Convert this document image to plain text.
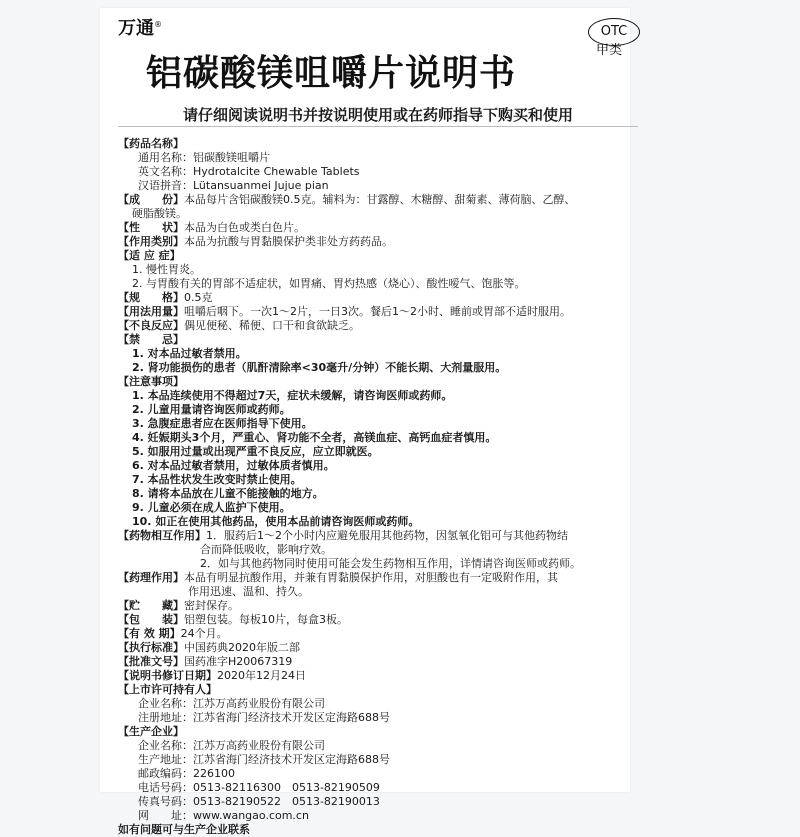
万通®
铝碳酸镁咀嚼片说明书
OTC
甲类
请仔细阅读说明书并按说明使用或在药师指导下购买和使用
【药品名称】
通用名称： 铝碳酸镁咀嚼片
英文名称： Hydrotalcite Chewable Tablets
汉语拼音： Lütansuanmei Jujue pian
【成　　份】 本品每片含铝碳酸镁0.5克。辅料为：甘露醇、木糖醇、甜菊素、薄荷脑、乙醇、
硬脂酸镁。
【性　　状】 本品为白色或类白色片。
【作用类别】 本品为抗酸与胃黏膜保护类非处方药药品。
【适 应 症】
1. 慢性胃炎。
2. 与胃酸有关的胃部不适症状，如胃痛、胃灼热感（烧心）、酸性嗳气、饱胀等。
【规　　格】 0.5克
【用法用量】 咀嚼后咽下。一次1～2片，一日3次。餐后1～2小时、睡前或胃部不适时服用。
【不良反应】 偶见便秘、稀便、口干和食欲缺乏。
【禁　　忌】
1. 对本品过敏者禁用。
2. 肾功能损伤的患者（肌酐清除率<30毫升/分钟）不能长期、大剂量服用。
【注意事项】
1. 本品连续使用不得超过7天，症状未缓解，请咨询医师或药师。
2. 儿童用量请咨询医师或药师。
3. 急腹症患者应在医师指导下使用。
4. 妊娠期头3个月，严重心、肾功能不全者，高镁血症、高钙血症者慎用。
5. 如服用过量或出现严重不良反应，应立即就医。
6. 对本品过敏者禁用，过敏体质者慎用。
7. 本品性状发生改变时禁止使用。
8. 请将本品放在儿童不能接触的地方。
9. 儿童必须在成人监护下使用。
10. 如正在使用其他药品，使用本品前请咨询医师或药师。
【药物相互作用】 1．服药后1～2个小时内应避免服用其他药物，因氢氧化铝可与其他药物结
合而降低吸收，影响疗效。
2．如与其他药物同时使用可能会发生药物相互作用，详情请咨询医师或药师。
【药理作用】 本品有明显抗酸作用，并兼有胃黏膜保护作用，对胆酸也有一定吸附作用，其
作用迅速、温和、持久。
【贮　　藏】 密封保存。
【包　　装】 铝塑包装。每板10片，每盒3板。
【有 效 期】 24个月。
【执行标准】 中国药典2020年版二部
【批准文号】 国药准字H20067319
【说明书修订日期】 2020年12月24日
【上市许可持有人】
企业名称： 江苏万高药业股份有限公司
注册地址： 江苏省海门经济技术开发区定海路688号
【生产企业】
企业名称： 江苏万高药业股份有限公司
生产地址： 江苏省海门经济技术开发区定海路688号
邮政编码： 226100
电话号码： 0513-82116300　0513-82190509
传真号码： 0513-82190522　0513-82190013
网　　址： www.wangao.com.cn
如有问题可与生产企业联系
